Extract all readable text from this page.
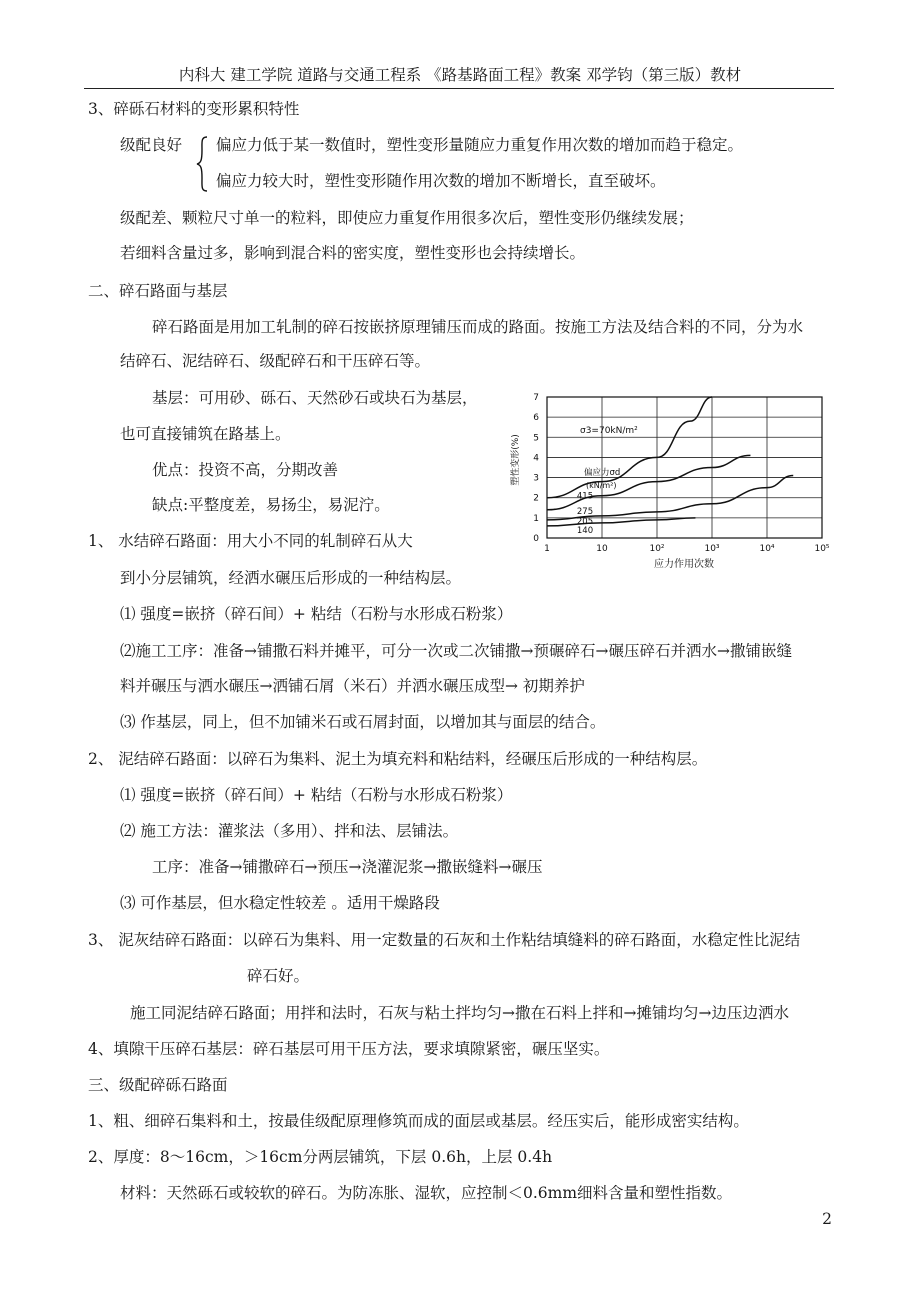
内科大 建工学院 道路与交通工程系 《路基路面工程》教案 邓学钧（第三版）教材
3、碎砾石材料的变形累积特性
级配良好 偏应力低于某一数值时，塑性变形量随应力重复作用次数的增加而趋于稳定。
偏应力较大时，塑性变形随作用次数的增加不断增长，直至破坏。
级配差、颗粒尺寸单一的粒料，即使应力重复作用很多次后，塑性变形仍继续发展；
若细料含量过多，影响到混合料的密实度，塑性变形也会持续增长。
二、碎石路面与基层
碎石路面是用加工轧制的碎石按嵌挤原理铺压而成的路面。按施工方法及结合料的不同，分为水
结碎石、泥结碎石、级配碎石和干压碎石等。
基层：可用砂、砾石、天然砂石或块石为基层，
也可直接铺筑在路基上。
优点：投资不高，分期改善
缺点:平整度差，易扬尘，易泥泞。
1、 水结碎石路面：用大小不同的轧制碎石从大
到小分层铺筑，经洒水碾压后形成的一种结构层。
0
1
2
3
4
5
6
7
1	10	10²	10³	10⁴	10⁵
塑性变形(%)
应力作用次数
σ3=70kN/m²
偏应力σd
(kN/m²)
415
275
205
140
⑴ 强度=嵌挤（碎石间）+ 粘结（石粉与水形成石粉浆）
⑵施工工序：准备→铺撒石料并摊平，可分一次或二次铺撒→预碾碎石→碾压碎石并洒水→撒铺嵌缝
料并碾压与洒水碾压→洒铺石屑（米石）并洒水碾压成型→ 初期养护
⑶ 作基层，同上，但不加铺米石或石屑封面，以增加其与面层的结合。
2、 泥结碎石路面：以碎石为集料、泥土为填充料和粘结料，经碾压后形成的一种结构层。
⑴ 强度=嵌挤（碎石间）+ 粘结（石粉与水形成石粉浆）
⑵ 施工方法：灌浆法（多用）、拌和法、层铺法。
工序：准备→铺撒碎石→预压→浇灌泥浆→撒嵌缝料→碾压
⑶ 可作基层，但水稳定性较差 。适用干燥路段
3、 泥灰结碎石路面：以碎石为集料、用一定数量的石灰和土作粘结填缝料的碎石路面，水稳定性比泥结
碎石好。
施工同泥结碎石路面；用拌和法时，石灰与粘土拌均匀→撒在石料上拌和→摊铺均匀→边压边洒水
4、填隙干压碎石基层：碎石基层可用干压方法，要求填隙紧密，碾压坚实。
三、级配碎砾石路面
1、粗、细碎石集料和土，按最佳级配原理修筑而成的面层或基层。经压实后，能形成密实结构。
2、厚度：8～16cm，＞16cm分两层铺筑，下层 0.6h，上层 0.4h
材料：天然砾石或较软的碎石。为防冻胀、湿软，应控制＜0.6mm细料含量和塑性指数。
2
